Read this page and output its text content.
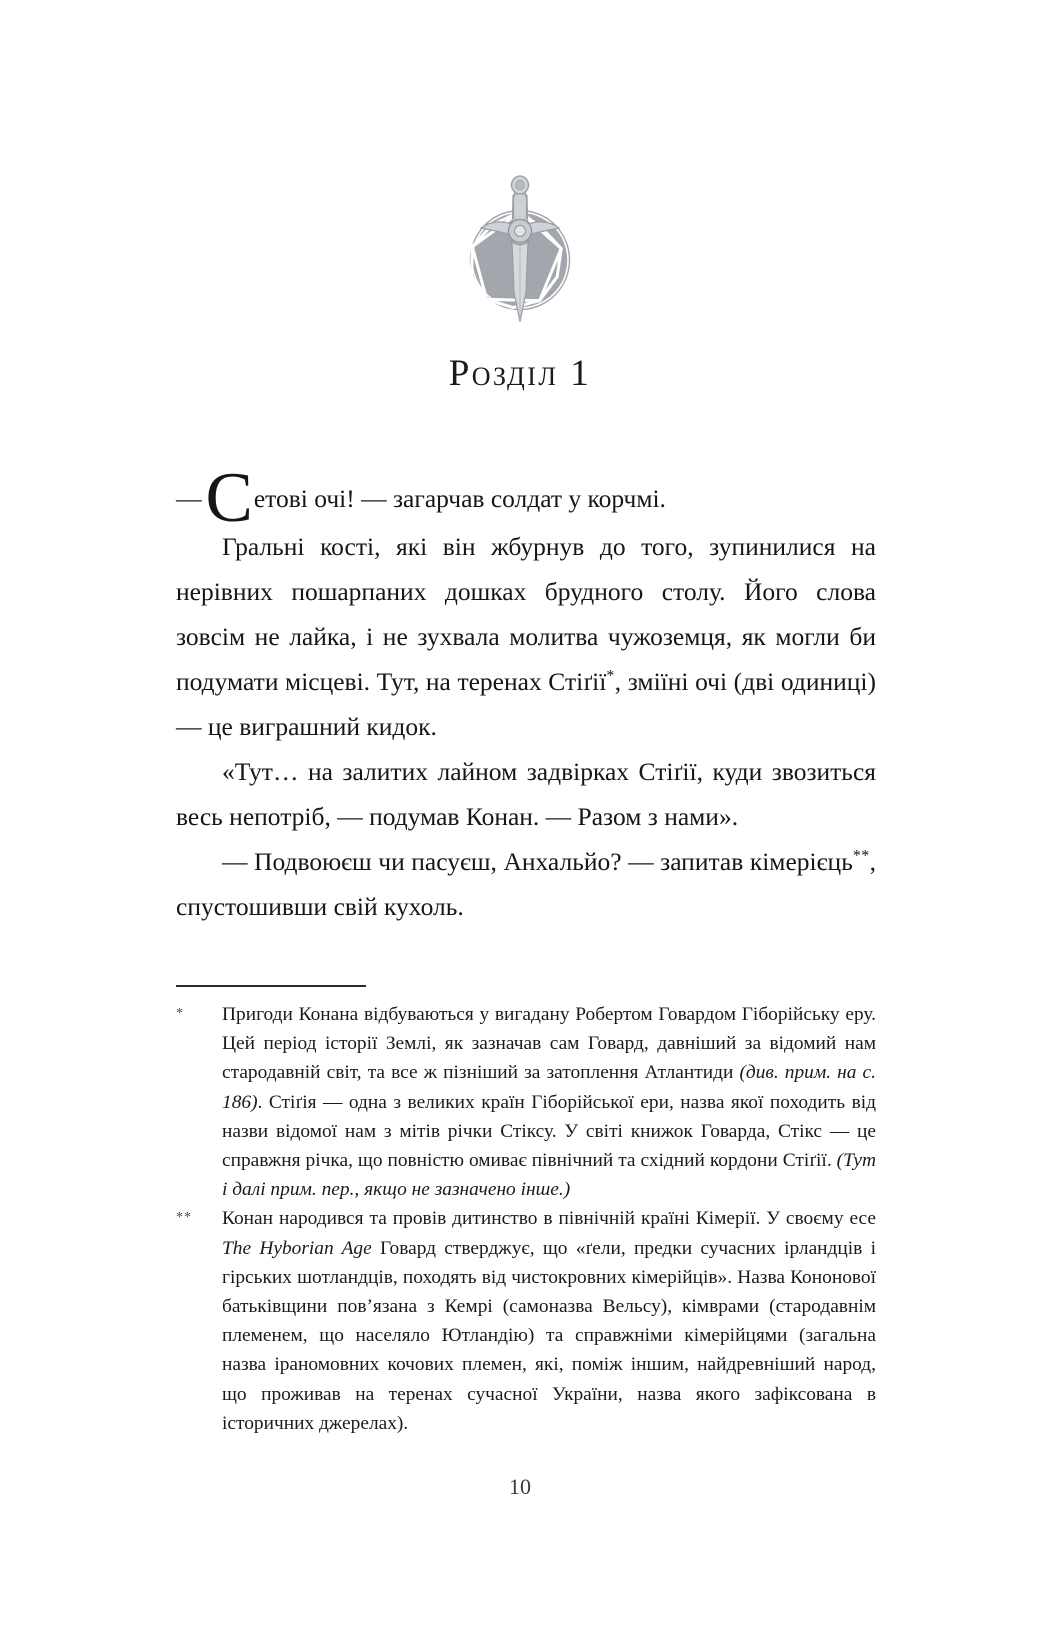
Розділ 1

—Сетові очі! — загарчав солдат у корчмі.

Гральні кості, які він жбурнув до того, зупинилися на нерівних пошарпаних дошках брудного столу. Його слова зовсім не лайка, і не зухвала молитва чужоземця, як могли би подумати місцеві. Тут, на теренах Стіґії*, зміїні очі (дві одиниці) — це виграшний кидок.

«Тут… на залитих лайном задвірках Стіґії, куди звозиться весь непотріб, — подумав Конан. — Разом з нами».

— Подвоюєш чи пасуєш, Анхальйо? — запитав кімерієць**, спустошивши свій кухоль.

*	Пригоди Конана відбуваються у вигадану Робертом Говардом Гіборійську еру. Цей період історії Землі, як зазначав сам Говард, давніший за відомий нам стародавній світ, та все ж пізніший за затоплення Атлантиди (див. прим. на с. 186). Стіґія — одна з великих країн Гіборійської ери, назва якої походить від назви відомої нам з мітів річки Стіксу. У світі книжок Говарда, Стікс — це справжня річка, що повністю омиває північний та східний кордони Стіґії. (Тут і далі прим. пер., якщо не зазначено інше.)
**	Конан народився та провів дитинство в північній країні Кімерії. У своєму есе The Hyborian Age Говард стверджує, що «ґели, предки сучасних ірландців і гірських шотландців, походять від чистокровних кімерійців». Назва Кононової батьківщини пов’язана з Кемрі (самоназва Вельсу), кімврами (стародавнім племенем, що населяло Ютландію) та справжніми кімерійцями (загальна назва іраномовних кочових племен, які, поміж іншим, найдревніший народ, що проживав на теренах сучасної України, назва якого зафіксована в історичних джерелах).
10
